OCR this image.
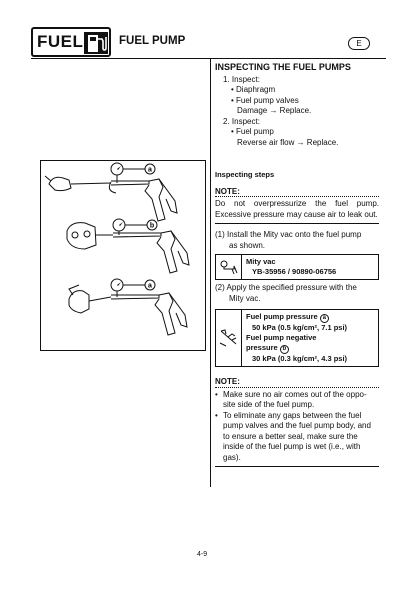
FUEL	FUEL PUMP	E
a
b
a
INSPECTING THE FUEL PUMPS
1. Inspect:
• Diaphragm
• Fuel pump valves
Damage → Replace.
2. Inspect:
• Fuel pump
Reverse air flow → Replace.
Inspecting steps
NOTE:
Do not overpressurize the fuel pump. Excessive pressure may cause air to leak out.
(1) Install the Mity vac onto the fuel pump
as shown.
Mity vac
YB-35956 / 90890-06756
(2) Apply the specified pressure with the
Mity vac.
Fuel pump pressure a
50 kPa (0.5 kg/cm², 7.1 psi)
Fuel pump negative
pressure b
30 kPa (0.3 kg/cm², 4.3 psi)
NOTE:
• Make sure no air comes out of the oppo-
site side of the fuel pump.
• To eliminate any gaps between the fuel
pump valves and the fuel pump body, and
to ensure a better seal, make sure the
inside of the fuel pump is wet (i.e., with
gas).
4-9
